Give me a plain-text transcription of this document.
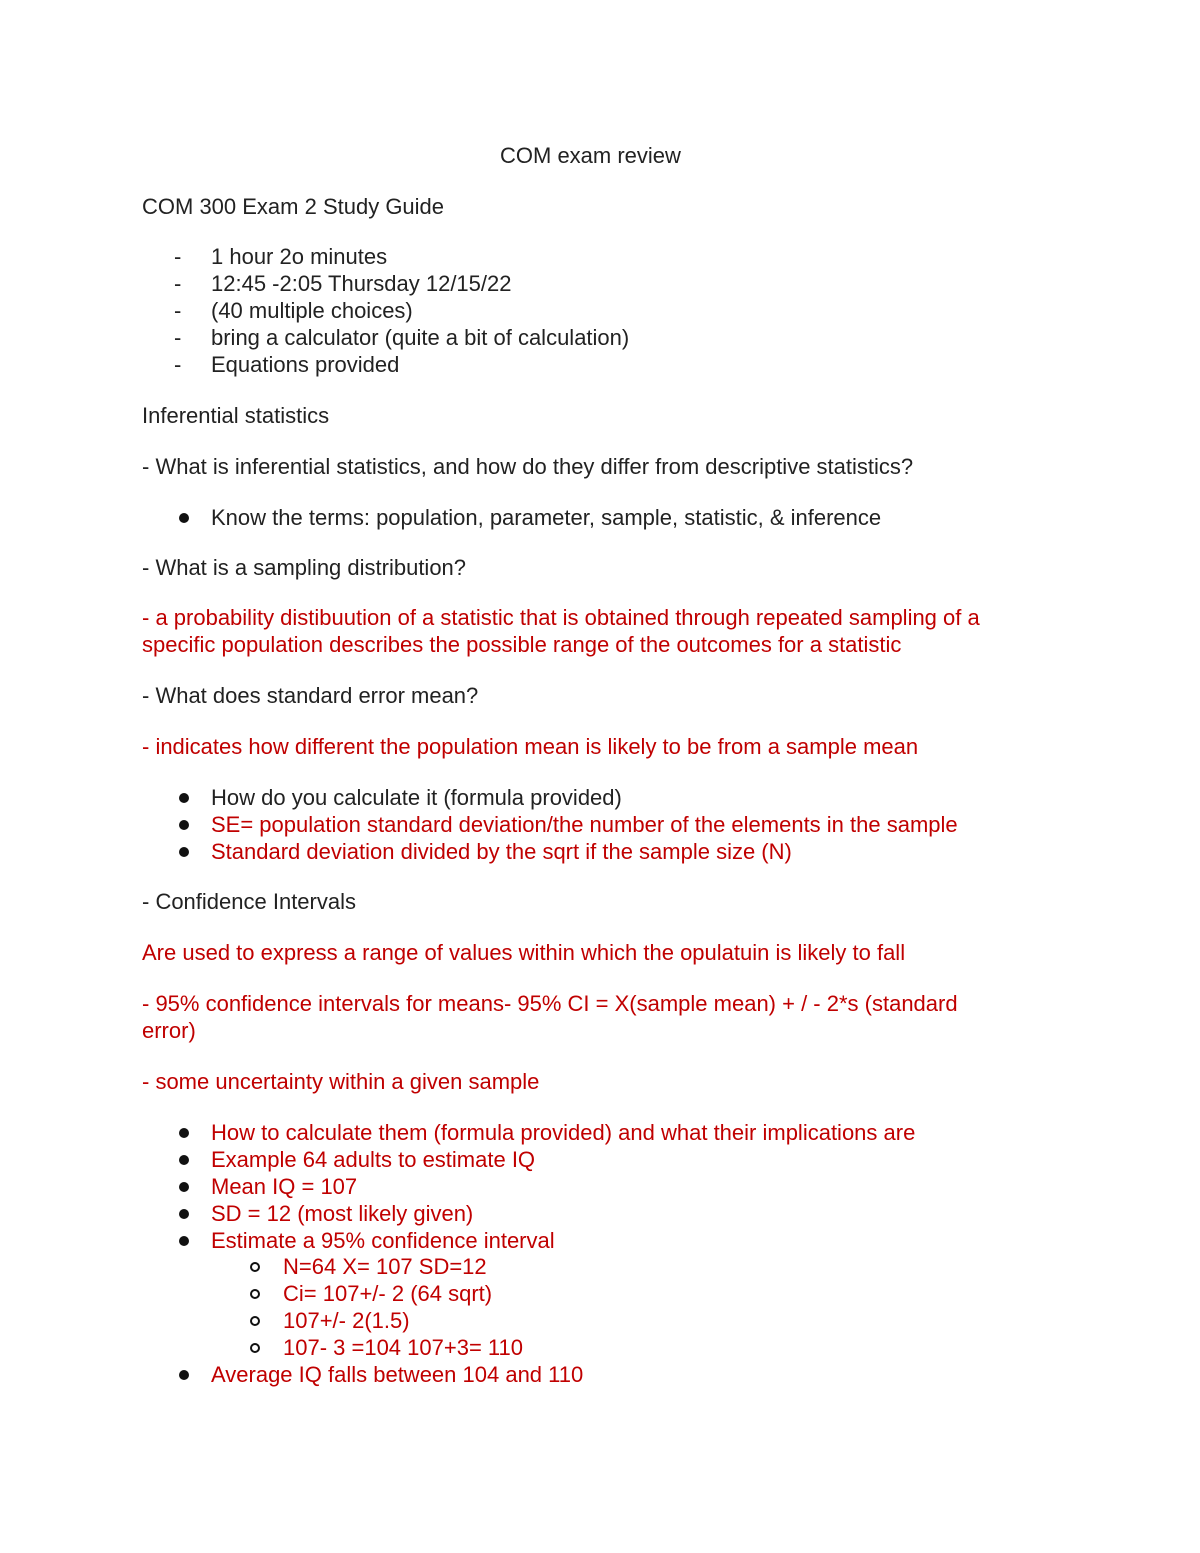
COM exam review
COM 300 Exam 2 Study Guide
- 1 hour 2o minutes
- 12:45 -2:05 Thursday 12/15/22
- (40 multiple choices)
- bring a calculator (quite a bit of calculation)
- Equations provided
Inferential statistics
- What is inferential statistics, and how do they differ from descriptive statistics?
Know the terms: population, parameter, sample, statistic, & inference
- What is a sampling distribution?
- a probability distibuution of a statistic that is obtained through repeated sampling of a
specific population describes the possible range of the outcomes for a statistic
- What does standard error mean?
- indicates how different the population mean is likely to be from a sample mean
How do you calculate it (formula provided)
SE= population standard deviation/the number of the elements in the sample
Standard deviation divided by the sqrt if the sample size (N)
- Confidence Intervals
Are used to express a range of values within which the opulatuin is likely to fall
- 95% confidence intervals for means- 95% CI = X(sample mean) + / - 2*s (standard
error)
- some uncertainty within a given sample
How to calculate them (formula provided) and what their implications are
Example 64 adults to estimate IQ
Mean IQ = 107
SD = 12 (most likely given)
Estimate a 95% confidence interval
N=64 X= 107 SD=12
Ci= 107+/- 2 (64 sqrt)
107+/- 2(1.5)
107- 3 =104 107+3= 110
Average IQ falls between 104 and 110
